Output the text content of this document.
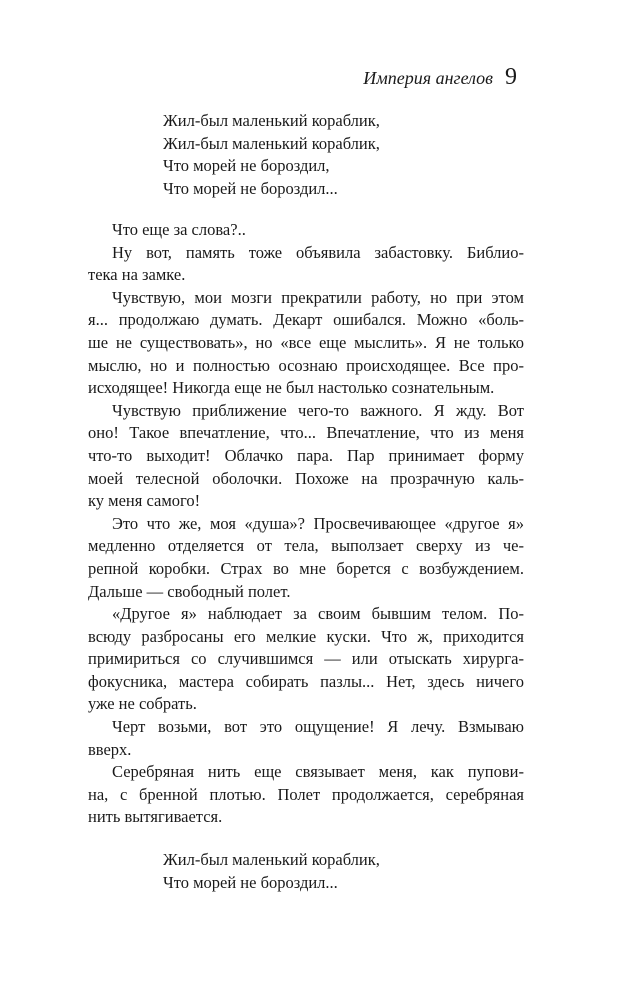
Империя ангелов 9
Жил-был маленький кораблик,
Жил-был маленький кораблик,
Что морей не бороздил,
Что морей не бороздил...
Что еще за слова?..
Ну вот, память тоже объявила забастовку. Библио-
тека на замке.
Чувствую, мои мозги прекратили работу, но при этом
я... продолжаю думать. Декарт ошибался. Можно «боль-
ше не существовать», но «все еще мыслить». Я не только
мыслю, но и полностью осознаю происходящее. Все про-
исходящее! Никогда еще не был настолько сознательным.
Чувствую приближение чего-то важного. Я жду. Вот
оно! Такое впечатление, что... Впечатление, что из меня
что-то выходит! Облачко пара. Пар принимает форму
моей телесной оболочки. Похоже на прозрачную каль-
ку меня самого!
Это что же, моя «душа»? Просвечивающее «другое я»
медленно отделяется от тела, выползает сверху из че-
репной коробки. Страх во мне борется с возбуждением.
Дальше — свободный полет.
«Другое я» наблюдает за своим бывшим телом. По-
всюду разбросаны его мелкие куски. Что ж, приходится
примириться со случившимся — или отыскать хирурга-
фокусника, мастера собирать пазлы... Нет, здесь ничего
уже не собрать.
Черт возьми, вот это ощущение! Я лечу. Взмываю
вверх.
Серебряная нить еще связывает меня, как пупови-
на, с бренной плотью. Полет продолжается, серебряная
нить вытягивается.
Жил-был маленький кораблик,
Что морей не бороздил...
